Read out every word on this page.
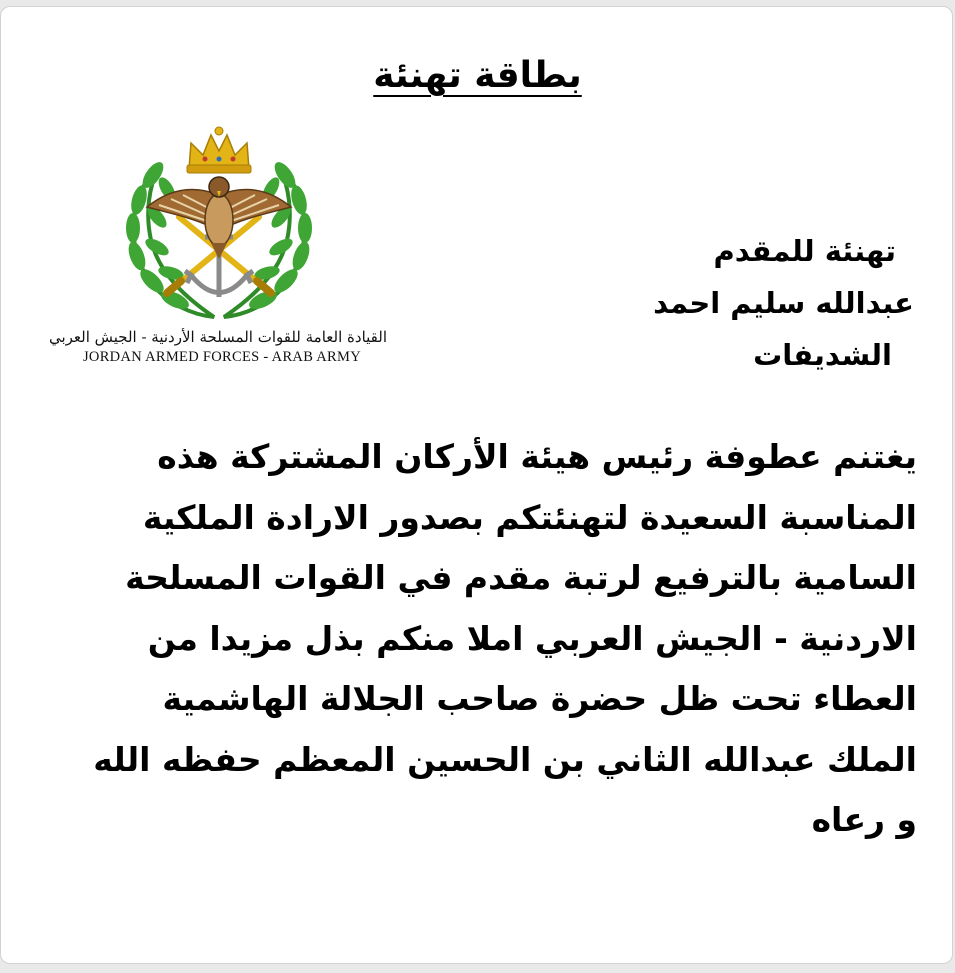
بطاقة تهنئة
القيادة العامة للقوات المسلحة الأردنية - الجيش العربي
JORDAN ARMED FORCES - ARAB ARMY
تهنئة للمقدم
عبدالله سليم احمد
الشديفات
يغتنم عطوفة رئيس هيئة الأركان المشتركة هذه
المناسبة السعيدة لتهنئتكم بصدور الارادة الملكية
السامية بالترفيع لرتبة مقدم في القوات المسلحة
الاردنية - الجيش العربي املا منكم بذل مزيدا من
العطاء تحت ظل حضرة صاحب الجلالة الهاشمية
الملك عبدالله الثاني بن الحسين المعظم حفظه الله
و رعاه
